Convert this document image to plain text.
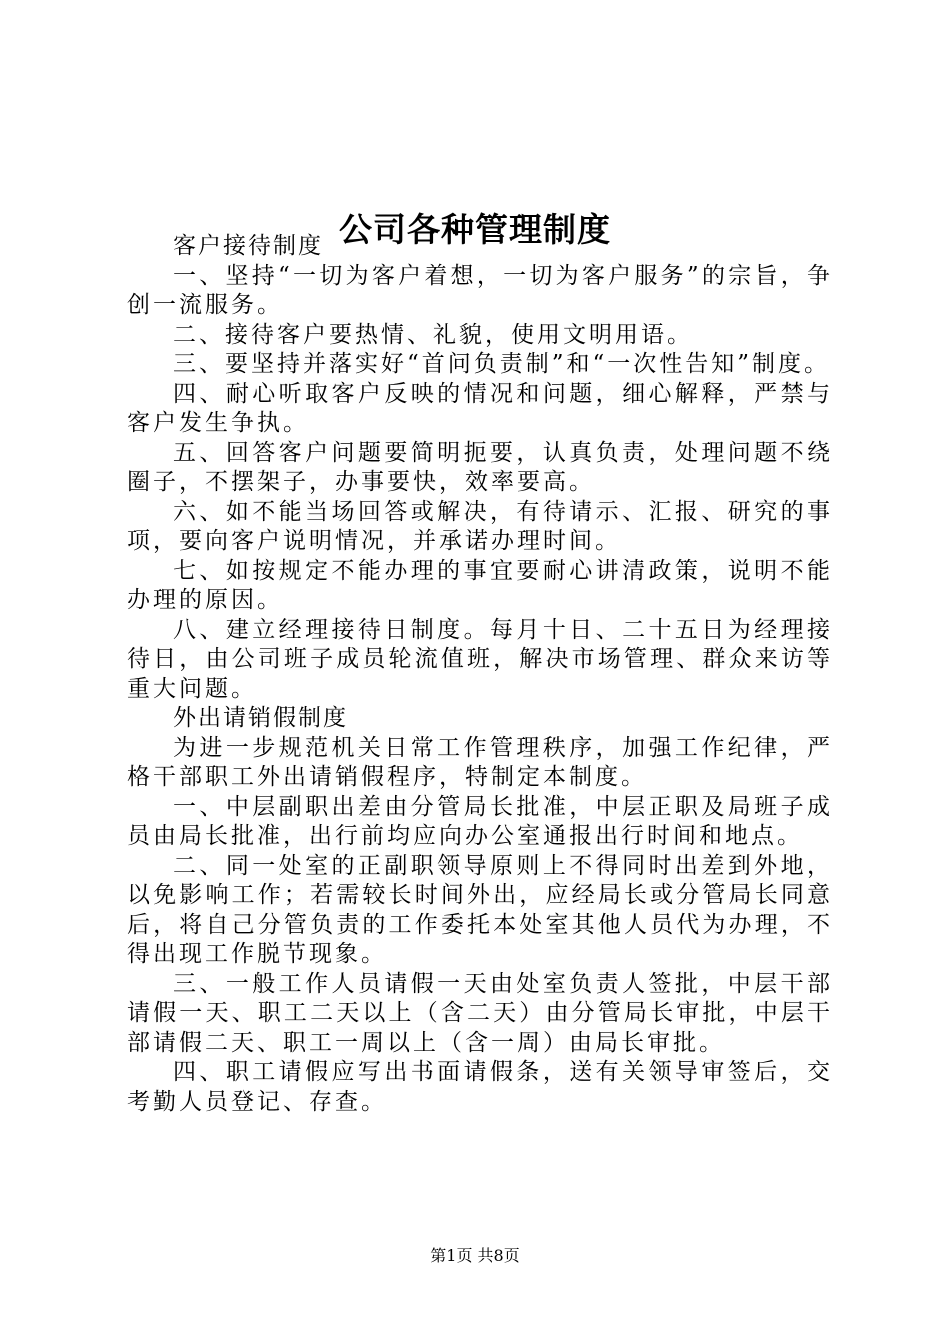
公司各种管理制度

客户接待制度

一、坚持“一切为客户着想，一切为客户服务”的宗旨，争创一流服务。

二、接待客户要热情、礼貌，使用文明用语。

三、要坚持并落实好“首问负责制”和“一次性告知”制度。

四、耐心听取客户反映的情况和问题，细心解释，严禁与客户发生争执。

五、回答客户问题要简明扼要，认真负责，处理问题不绕圈子，不摆架子，办事要快，效率要高。

六、如不能当场回答或解决，有待请示、汇报、研究的事项，要向客户说明情况，并承诺办理时间。

七、如按规定不能办理的事宜要耐心讲清政策，说明不能办理的原因。

八、建立经理接待日制度。每月十日、二十五日为经理接待日，由公司班子成员轮流值班，解决市场管理、群众来访等重大问题。

外出请销假制度

为进一步规范机关日常工作管理秩序，加强工作纪律，严格干部职工外出请销假程序，特制定本制度。

一、中层副职出差由分管局长批准，中层正职及局班子成员由局长批准，出行前均应向办公室通报出行时间和地点。

二、同一处室的正副职领导原则上不得同时出差到外地，以免影响工作；若需较长时间外出，应经局长或分管局长同意后，将自己分管负责的工作委托本处室其他人员代为办理，不得出现工作脱节现象。

三、一般工作人员请假一天由处室负责人签批，中层干部请假一天、职工二天以上（含二天）由分管局长审批，中层干部请假二天、职工一周以上（含一周）由局长审批。

四、职工请假应写出书面请假条，送有关领导审签后，交考勤人员登记、存查。

第1页 共8页
